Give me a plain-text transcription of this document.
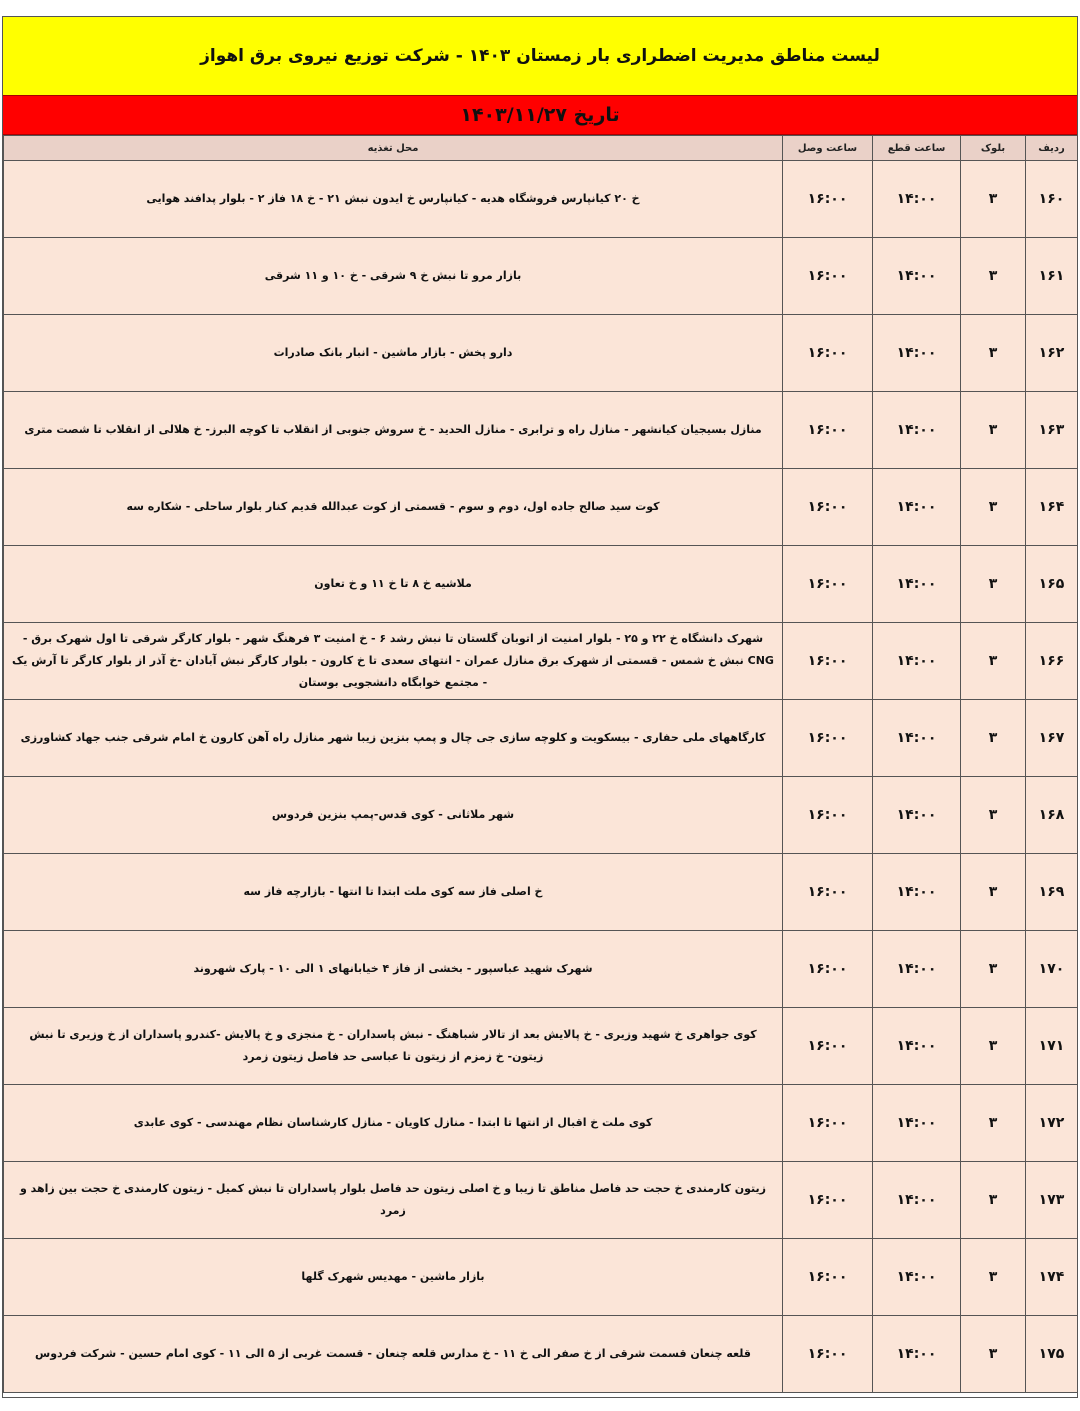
لیست مناطق مدیریت اضطراری بار زمستان ۱۴۰۳ - شرکت توزیع نیروی برق اهواز
تاریخ ۱۴۰۳/۱۱/۲۷
ردیف	بلوک	ساعت قطع	ساعت وصل	محل تغذیه
۱۶۰	۳	۱۴:۰۰	۱۶:۰۰	خ ۲۰ کیانپارس فروشگاه هدیه - کیانپارس خ ایدون نبش ۲۱ - خ ۱۸ فاز ۲ - بلوار پدافند هوایی
۱۶۱	۳	۱۴:۰۰	۱۶:۰۰	بازار مرو تا نبش خ ۹ شرقی - خ ۱۰ و ۱۱ شرقی
۱۶۲	۳	۱۴:۰۰	۱۶:۰۰	دارو پخش - بازار ماشین - انبار بانک صادرات
۱۶۳	۳	۱۴:۰۰	۱۶:۰۰	منازل بسیجیان کیانشهر - منازل راه و ترابری - منازل الحدید - خ سروش جنوبی از انقلاب تا کوچه البرز- خ هلالی از انقلاب تا شصت متری
۱۶۴	۳	۱۴:۰۰	۱۶:۰۰	کوت سید صالح جاده اول، دوم و سوم - قسمتی از کوت عبدالله قدیم کنار بلوار ساحلی - شکاره سه
۱۶۵	۳	۱۴:۰۰	۱۶:۰۰	ملاشیه خ ۸ تا خ ۱۱ و خ تعاون
۱۶۶	۳	۱۴:۰۰	۱۶:۰۰	شهرک دانشگاه خ ۲۲ و ۲۵ - بلوار امنیت از اتوبان گلستان تا نبش رشد ۶ - خ امنیت ۳ فرهنگ شهر - بلوار کارگر شرقی تا اول شهرک برق - CNG نبش خ شمس - قسمتی از شهرک برق منازل عمران - انتهای سعدی تا خ کارون - بلوار کارگر نبش آبادان -خ آذر از بلوار کارگر تا آرش یک - مجتمع خوابگاه دانشجویی بوستان
۱۶۷	۳	۱۴:۰۰	۱۶:۰۰	کارگاههای ملی حفاری - بیسکویت و کلوچه سازی جی چال و پمپ بنزین زیبا شهر منازل راه آهن کارون خ امام شرقی جنب جهاد کشاورزی
۱۶۸	۳	۱۴:۰۰	۱۶:۰۰	شهر ملاثانی - کوی قدس-پمپ بنزین فردوس
۱۶۹	۳	۱۴:۰۰	۱۶:۰۰	خ اصلی فاز سه کوی ملت ابتدا تا انتها - بازارچه فاز سه
۱۷۰	۳	۱۴:۰۰	۱۶:۰۰	شهرک شهید عباسپور - بخشی از فاز ۴ خیابانهای ۱ الی ۱۰ - پارک شهروند
۱۷۱	۳	۱۴:۰۰	۱۶:۰۰	کوی جواهری خ شهید وزیری - خ پالایش بعد از تالار شباهنگ - نبش پاسداران - خ منجزی و خ پالایش -کندرو پاسداران از خ وزیری تا نبش زیتون- خ زمزم از زیتون تا عباسی حد فاصل زیتون زمرد
۱۷۲	۳	۱۴:۰۰	۱۶:۰۰	کوی ملت خ اقبال از انتها تا ابتدا - منازل کاویان - منازل کارشناسان نظام مهندسی - کوی عابدی
۱۷۳	۳	۱۴:۰۰	۱۶:۰۰	زیتون کارمندی خ حجت حد فاصل مناطق تا زیبا و خ اصلی زیتون حد فاصل بلوار پاسداران تا نبش کمیل - زیتون کارمندی خ حجت بین زاهد و زمرد
۱۷۴	۳	۱۴:۰۰	۱۶:۰۰	بازار ماشین - مهدیس شهرک گلها
۱۷۵	۳	۱۴:۰۰	۱۶:۰۰	قلعه چنعان قسمت شرقی از خ صفر الی خ ۱۱ - خ مدارس قلعه چنعان - قسمت غربی از ۵ الی ۱۱ - کوی امام حسین - شرکت فردوس
